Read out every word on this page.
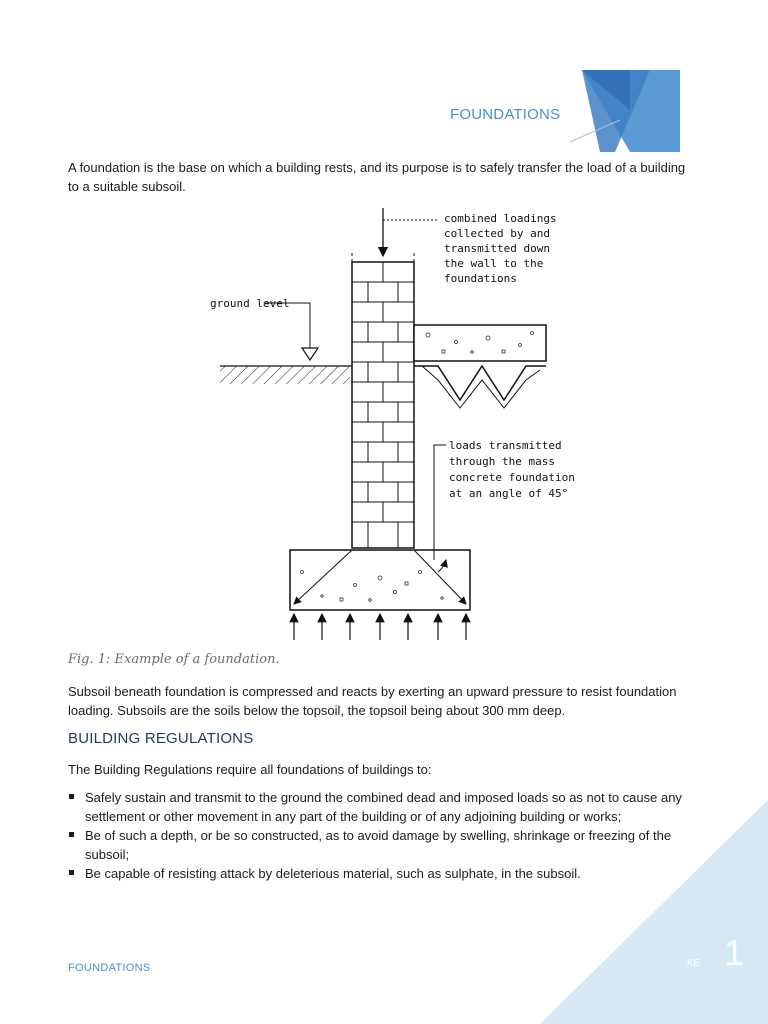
FOUNDATIONS
A foundation is the base on which a building rests, and its purpose is to safely transfer the load of a building to a suitable subsoil.
ground level
combined loadings
collected by and
transmitted down
the wall to the
foundations
loads transmitted
through the mass
concrete foundation
at an angle of 45°
Fig. 1: Example of a foundation.
Subsoil beneath foundation is compressed and reacts by exerting an upward pressure to resist foundation loading. Subsoils are the soils below the topsoil, the topsoil being about 300 mm deep.
BUILDING REGULATIONS
The Building Regulations require all foundations of buildings to:
Safely sustain and transmit to the ground the combined dead and imposed loads so as not to cause any settlement or other movement in any part of the building or of any adjoining building or works;
Be of such a depth, or be so constructed, as to avoid damage by swelling, shrinkage or freezing of the subsoil;
Be capable of resisting attack by deleterious material, such as sulphate, in the subsoil.
FOUNDATIONS	.KE 1
